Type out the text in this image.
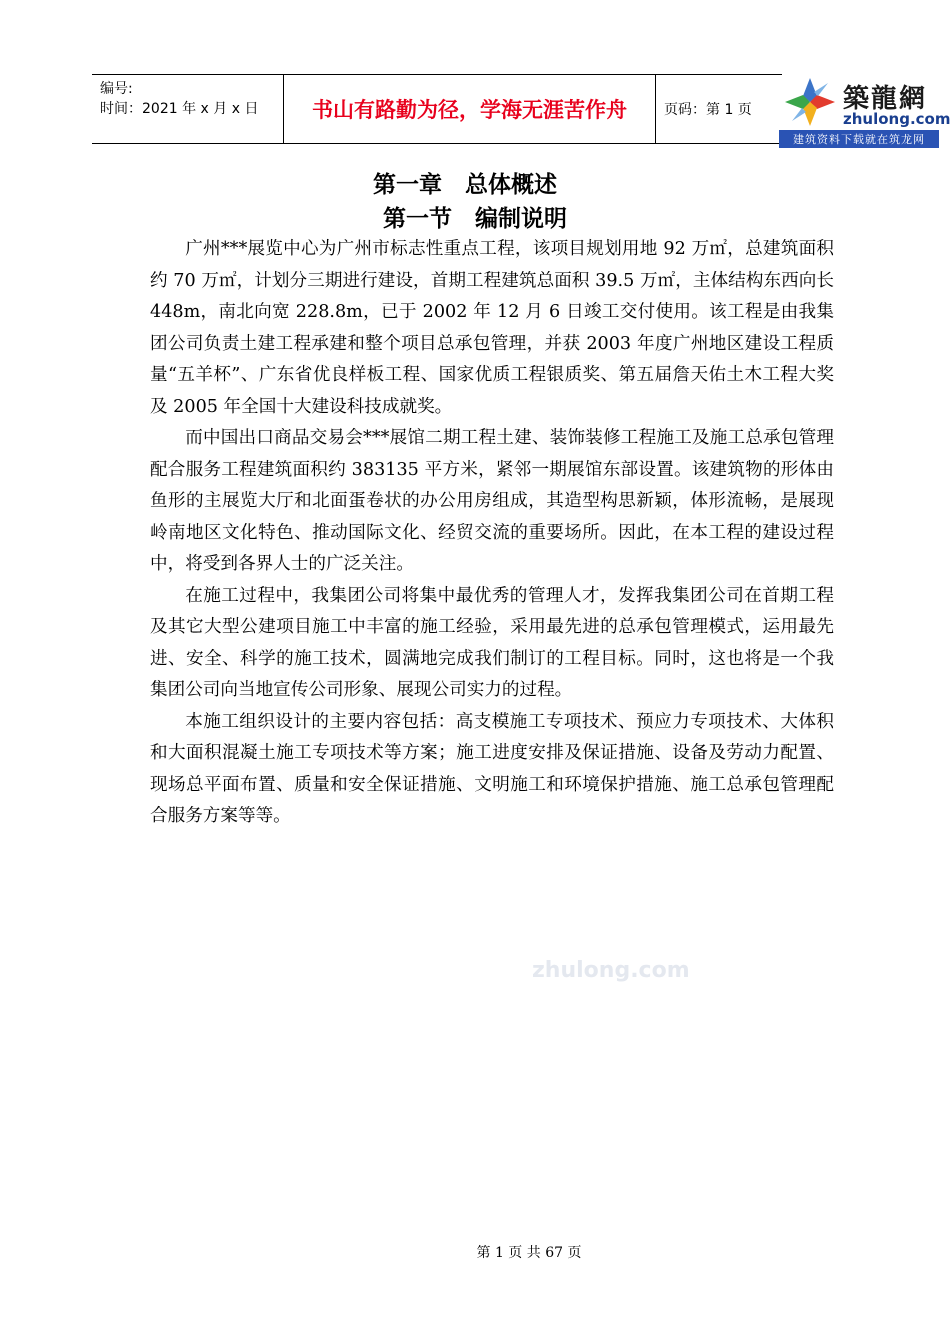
编号:
时间：2021 年 x 月 x 日	书山有路勤为径，学海无涯苦作舟	页码：第 1 页	築龍網
zhulong.com
建筑资料下载就在筑龙网
第一章　总体概述
第一节　编制说明

广州***展览中心为广州市标志性重点工程，该项目规划用地 92 万㎡，总建筑面积约 70 万㎡，计划分三期进行建设，首期工程建筑总面积 39.5 万㎡，主体结构东西向长 448m，南北向宽 228.8m，已于 2002 年 12 月 6 日竣工交付使用。该工程是由我集团公司负责土建工程承建和整个项目总承包管理，并获 2003 年度广州地区建设工程质量“五羊杯”、广东省优良样板工程、国家优质工程银质奖、第五届詹天佑土木工程大奖及 2005 年全国十大建设科技成就奖。

而中国出口商品交易会***展馆二期工程土建、装饰装修工程施工及施工总承包管理配合服务工程建筑面积约 383135 平方米，紧邻一期展馆东部设置。该建筑物的形体由鱼形的主展览大厅和北面蛋卷状的办公用房组成，其造型构思新颖，体形流畅，是展现岭南地区文化特色、推动国际文化、经贸交流的重要场所。因此，在本工程的建设过程中，将受到各界人士的广泛关注。

在施工过程中，我集团公司将集中最优秀的管理人才，发挥我集团公司在首期工程及其它大型公建项目施工中丰富的施工经验，采用最先进的总承包管理模式，运用最先进、安全、科学的施工技术，圆满地完成我们制订的工程目标。同时，这也将是一个我集团公司向当地宣传公司形象、展现公司实力的过程。

本施工组织设计的主要内容包括：高支模施工专项技术、预应力专项技术、大体积和大面积混凝土施工专项技术等方案；施工进度安排及保证措施、设备及劳动力配置、现场总平面布置、质量和安全保证措施、文明施工和环境保护措施、施工总承包管理配合服务方案等等。

zhulong.com
第 1 页 共 67 页
